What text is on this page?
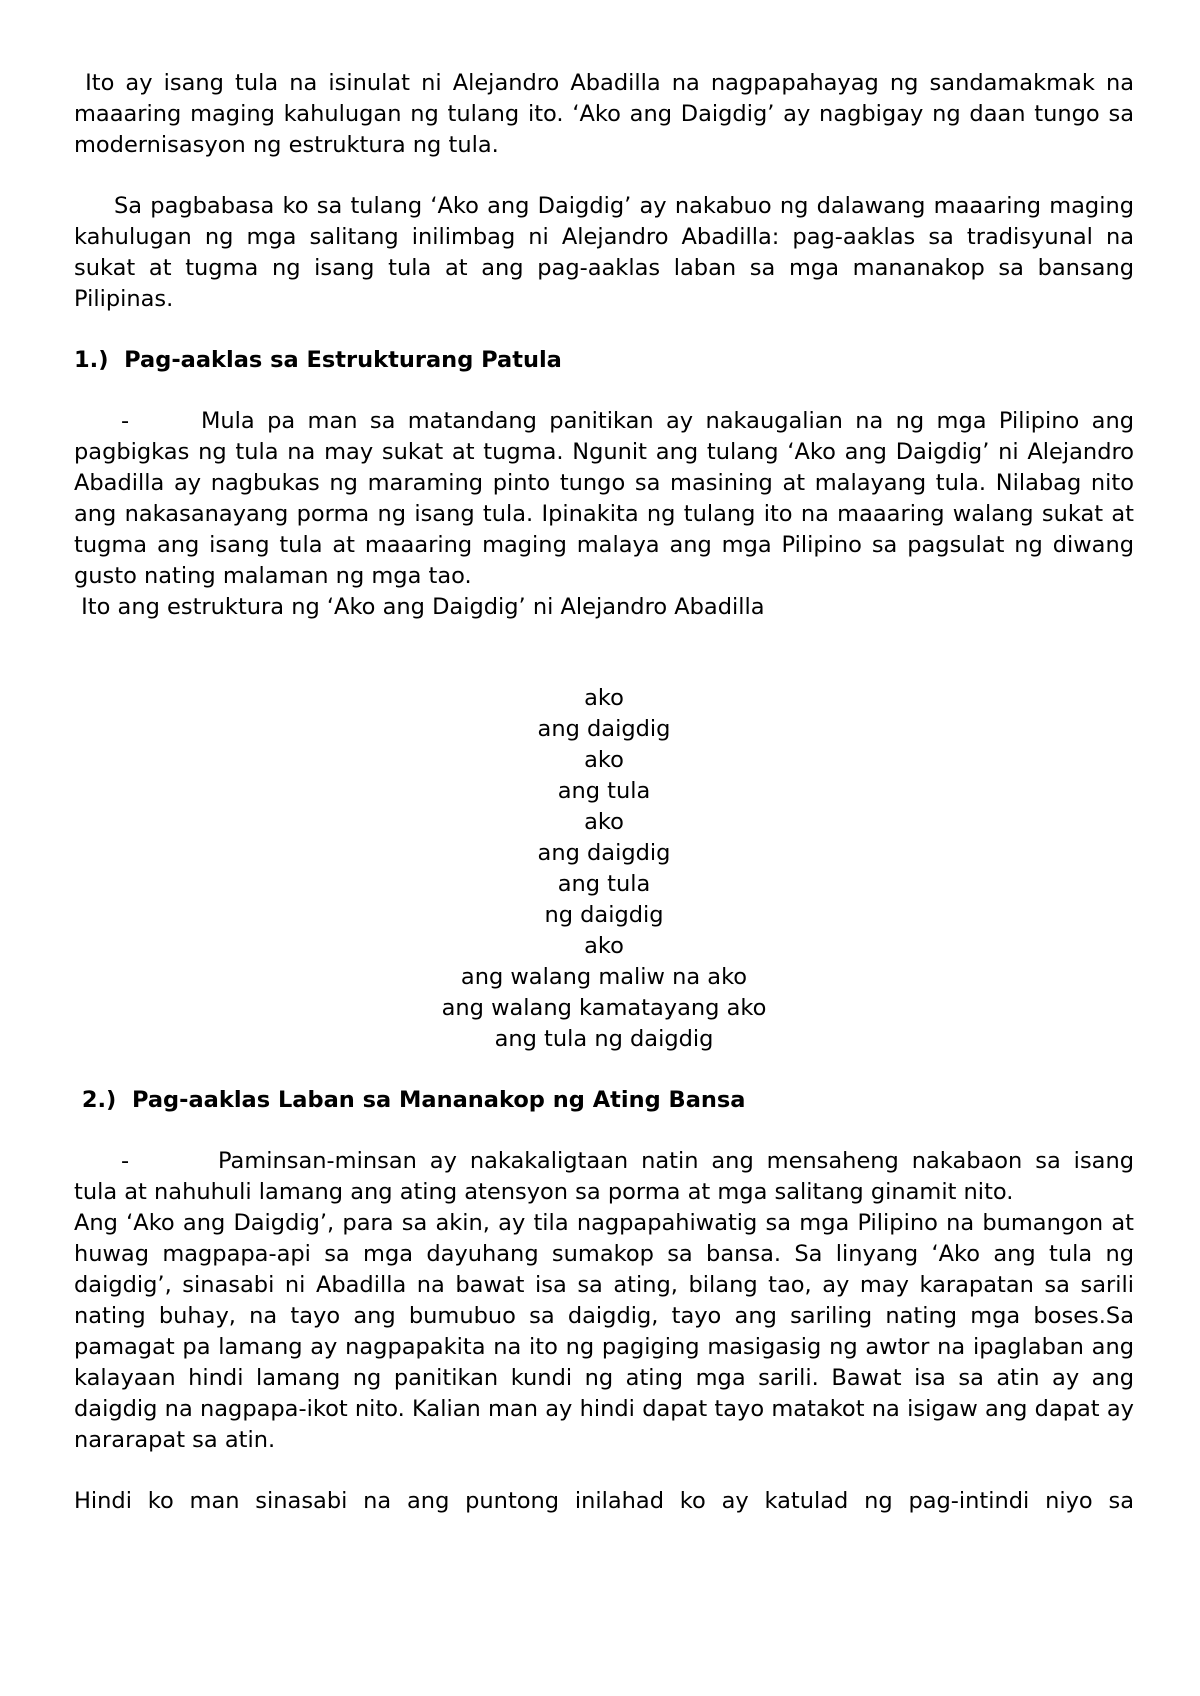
Ito ay isang tula na isinulat ni Alejandro Abadilla na nagpapahayag ng sandamakmak na maaaring maging kahulugan ng tulang ito. ‘Ako ang Daigdig’ ay nagbigay ng daan tungo sa modernisasyon ng estruktura ng tula.

Sa pagbabasa ko sa tulang ‘Ako ang Daigdig’ ay nakabuo ng dalawang maaaring maging kahulugan ng mga salitang inilimbag ni Alejandro Abadilla: pag-aaklas sa tradisyunal na sukat at tugma ng isang tula at ang pag-aaklas laban sa mga mananakop sa bansang Pilipinas.

1.)  Pag-aaklas sa Estrukturang Patula

-	Mula pa man sa matandang panitikan ay nakaugalian na ng mga Pilipino ang pagbigkas ng tula na may sukat at tugma. Ngunit ang tulang ‘Ako ang Daigdig’ ni Alejandro Abadilla ay nagbukas ng maraming pinto tungo sa masining at malayang tula. Nilabag nito ang nakasanayang porma ng isang tula. Ipinakita ng tulang ito na maaaring walang sukat at tugma ang isang tula at maaaring maging malaya ang mga Pilipino sa pagsulat ng diwang gusto nating malaman ng mga tao.

Ito ang estruktura ng ‘Ako ang Daigdig’ ni Alejandro Abadilla

ako
ang daigdig
ako
ang tula
ako
ang daigdig
ang tula
ng daigdig
ako
ang walang maliw na ako
ang walang kamatayang ako
ang tula ng daigdig

2.)  Pag-aaklas Laban sa Mananakop ng Ating Bansa

-	Paminsan-minsan ay nakakaligtaan natin ang mensaheng nakabaon sa isang tula at nahuhuli lamang ang ating atensyon sa porma at mga salitang ginamit nito.

Ang ‘Ako ang Daigdig’, para sa akin, ay tila nagpapahiwatig sa mga Pilipino na bumangon at huwag magpapa-api sa mga dayuhang sumakop sa bansa. Sa linyang ‘Ako ang tula ng daigdig’, sinasabi ni Abadilla na bawat isa sa ating, bilang tao, ay may karapatan sa sarili nating buhay, na tayo ang bumubuo sa daigdig, tayo ang sariling nating mga boses.Sa pamagat pa lamang ay nagpapakita na ito ng pagiging masigasig ng awtor na ipaglaban ang kalayaan hindi lamang ng panitikan kundi ng ating mga sarili. Bawat isa sa atin ay ang daigdig na nagpapa-ikot nito. Kalian man ay hindi dapat tayo matakot na isigaw ang dapat ay nararapat sa atin.

Hindi ko man sinasabi na ang puntong inilahad ko ay katulad ng pag-intindi niyo sa
